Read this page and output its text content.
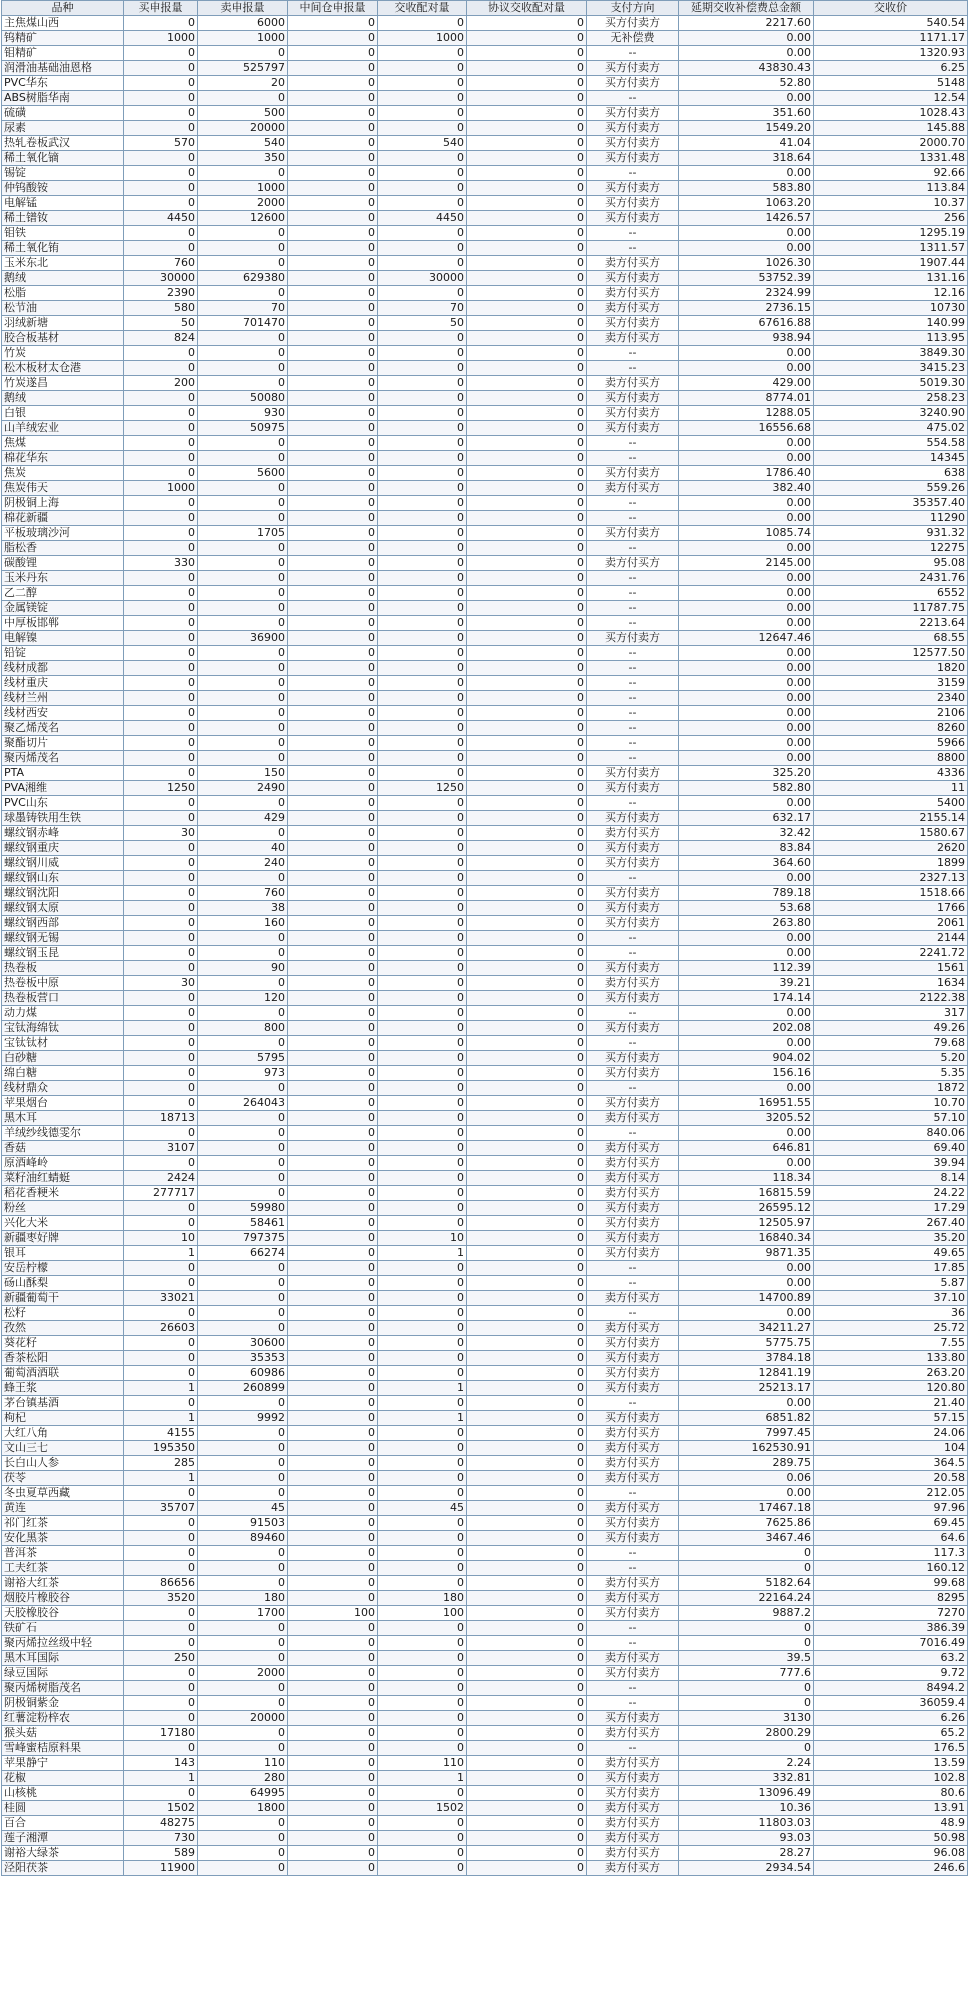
品种	买申报量	卖申报量	中间仓申报量	交收配对量	协议交收配对量	支付方向	延期交收补偿费总金额	交收价
主焦煤山西	0	6000	0	0	0	买方付卖方	2217.60	540.54
钨精矿	1000	1000	0	1000	0	无补偿费	0.00	1171.17
钼精矿	0	0	0	0	0	--	0.00	1320.93
润滑油基础油恩格	0	525797	0	0	0	买方付卖方	43830.43	6.25
PVC华东	0	20	0	0	0	买方付卖方	52.80	5148
ABS树脂华南	0	0	0	0	0	--	0.00	12.54
硫磺	0	500	0	0	0	买方付卖方	351.60	1028.43
尿素	0	20000	0	0	0	买方付卖方	1549.20	145.88
热轧卷板武汉	570	540	0	540	0	买方付卖方	41.04	2000.70
稀土氧化镝	0	350	0	0	0	买方付卖方	318.64	1331.48
锡锭	0	0	0	0	0	--	0.00	92.66
仲钨酸铵	0	1000	0	0	0	买方付卖方	583.80	113.84
电解锰	0	2000	0	0	0	买方付卖方	1063.20	10.37
稀土镨钕	4450	12600	0	4450	0	买方付卖方	1426.57	256
钼铁	0	0	0	0	0	--	0.00	1295.19
稀土氧化铕	0	0	0	0	0	--	0.00	1311.57
玉米东北	760	0	0	0	0	卖方付买方	1026.30	1907.44
鹅绒	30000	629380	0	30000	0	买方付卖方	53752.39	131.16
松脂	2390	0	0	0	0	卖方付买方	2324.99	12.16
松节油	580	70	0	70	0	卖方付买方	2736.15	10730
羽绒新塘	50	701470	0	50	0	买方付卖方	67616.88	140.99
胶合板基材	824	0	0	0	0	卖方付买方	938.94	113.95
竹炭	0	0	0	0	0	--	0.00	3849.30
松木板材太仓港	0	0	0	0	0	--	0.00	3415.23
竹炭遂昌	200	0	0	0	0	卖方付买方	429.00	5019.30
鹅绒	0	50080	0	0	0	买方付卖方	8774.01	258.23
白银	0	930	0	0	0	买方付卖方	1288.05	3240.90
山羊绒宏业	0	50975	0	0	0	买方付卖方	16556.68	475.02
焦煤	0	0	0	0	0	--	0.00	554.58
棉花华东	0	0	0	0	0	--	0.00	14345
焦炭	0	5600	0	0	0	买方付卖方	1786.40	638
焦炭伟天	1000	0	0	0	0	卖方付买方	382.40	559.26
阴极铜上海	0	0	0	0	0	--	0.00	35357.40
棉花新疆	0	0	0	0	0	--	0.00	11290
平板玻璃沙河	0	1705	0	0	0	买方付卖方	1085.74	931.32
脂松香	0	0	0	0	0	--	0.00	12275
碳酸锂	330	0	0	0	0	卖方付买方	2145.00	95.08
玉米丹东	0	0	0	0	0	--	0.00	2431.76
乙二醇	0	0	0	0	0	--	0.00	6552
金属镁锭	0	0	0	0	0	--	0.00	11787.75
中厚板邯郸	0	0	0	0	0	--	0.00	2213.64
电解镍	0	36900	0	0	0	买方付卖方	12647.46	68.55
铅锭	0	0	0	0	0	--	0.00	12577.50
线材成都	0	0	0	0	0	--	0.00	1820
线材重庆	0	0	0	0	0	--	0.00	3159
线材兰州	0	0	0	0	0	--	0.00	2340
线材西安	0	0	0	0	0	--	0.00	2106
聚乙烯茂名	0	0	0	0	0	--	0.00	8260
聚酯切片	0	0	0	0	0	--	0.00	5966
聚丙烯茂名	0	0	0	0	0	--	0.00	8800
PTA	0	150	0	0	0	买方付卖方	325.20	4336
PVA湘维	1250	2490	0	1250	0	买方付卖方	582.80	11
PVC山东	0	0	0	0	0	--	0.00	5400
球墨铸铁用生铁	0	429	0	0	0	买方付卖方	632.17	2155.14
螺纹钢赤峰	30	0	0	0	0	卖方付买方	32.42	1580.67
螺纹钢重庆	0	40	0	0	0	买方付卖方	83.84	2620
螺纹钢川威	0	240	0	0	0	买方付卖方	364.60	1899
螺纹钢山东	0	0	0	0	0	--	0.00	2327.13
螺纹钢沈阳	0	760	0	0	0	买方付卖方	789.18	1518.66
螺纹钢太原	0	38	0	0	0	买方付卖方	53.68	1766
螺纹钢西部	0	160	0	0	0	买方付卖方	263.80	2061
螺纹钢无锡	0	0	0	0	0	--	0.00	2144
螺纹钢玉昆	0	0	0	0	0	--	0.00	2241.72
热卷板	0	90	0	0	0	买方付卖方	112.39	1561
热卷板中原	30	0	0	0	0	卖方付买方	39.21	1634
热卷板营口	0	120	0	0	0	买方付卖方	174.14	2122.38
动力煤	0	0	0	0	0	--	0.00	317
宝钛海绵钛	0	800	0	0	0	买方付卖方	202.08	49.26
宝钛钛材	0	0	0	0	0	--	0.00	79.68
白砂糖	0	5795	0	0	0	买方付卖方	904.02	5.20
绵白糖	0	973	0	0	0	买方付卖方	156.16	5.35
线材鼎众	0	0	0	0	0	--	0.00	1872
苹果烟台	0	264043	0	0	0	买方付卖方	16951.55	10.70
黑木耳	18713	0	0	0	0	卖方付买方	3205.52	57.10
羊绒纱线德雯尔	0	0	0	0	0	--	0.00	840.06
香菇	3107	0	0	0	0	卖方付买方	646.81	69.40
原酒峰岭	0	0	0	0	0	卖方付买方	0.00	39.94
菜籽油红蜻蜓	2424	0	0	0	0	卖方付买方	118.34	8.14
稻花香粳米	277717	0	0	0	0	卖方付买方	16815.59	24.22
粉丝	0	59980	0	0	0	买方付卖方	26595.12	17.29
兴化大米	0	58461	0	0	0	买方付卖方	12505.97	267.40
新疆枣好牌	10	797375	0	10	0	买方付卖方	16840.34	35.20
银耳	1	66274	0	1	0	买方付卖方	9871.35	49.65
安岳柠檬	0	0	0	0	0	--	0.00	17.85
砀山酥梨	0	0	0	0	0	--	0.00	5.87
新疆葡萄干	33021	0	0	0	0	卖方付买方	14700.89	37.10
松籽	0	0	0	0	0	--	0.00	36
孜然	26603	0	0	0	0	卖方付买方	34211.27	25.72
葵花籽	0	30600	0	0	0	买方付卖方	5775.75	7.55
香茶松阳	0	35353	0	0	0	买方付卖方	3784.18	133.80
葡萄酒酒联	0	60986	0	0	0	买方付卖方	12841.19	263.20
蜂王浆	1	260899	0	1	0	买方付卖方	25213.17	120.80
茅台镇基酒	0	0	0	0	0	--	0.00	21.40
枸杞	1	9992	0	1	0	买方付卖方	6851.82	57.15
大红八角	4155	0	0	0	0	卖方付买方	7997.45	24.06
文山三七	195350	0	0	0	0	卖方付买方	162530.91	104
长白山人参	285	0	0	0	0	卖方付买方	289.75	364.5
茯苓	1	0	0	0	0	卖方付买方	0.06	20.58
冬虫夏草西藏	0	0	0	0	0	--	0.00	212.05
黄连	35707	45	0	45	0	卖方付买方	17467.18	97.96
祁门红茶	0	91503	0	0	0	买方付卖方	7625.86	69.45
安化黑茶	0	89460	0	0	0	买方付卖方	3467.46	64.6
普洱茶	0	0	0	0	0	--	0	117.3
工夫红茶	0	0	0	0	0	--	0	160.12
谢裕大红茶	86656	0	0	0	0	卖方付买方	5182.64	99.68
烟胶片橡胶谷	3520	180	0	180	0	卖方付买方	22164.24	8295
天胶橡胶谷	0	1700	100	100	0	买方付卖方	9887.2	7270
铁矿石	0	0	0	0	0	--	0	386.39
聚丙烯拉丝级中轻	0	0	0	0	0	--	0	7016.49
黑木耳国际	250	0	0	0	0	卖方付买方	39.5	63.2
绿豆国际	0	2000	0	0	0	买方付卖方	777.6	9.72
聚丙烯树脂茂名	0	0	0	0	0	--	0	8494.2
阴极铜紫金	0	0	0	0	0	--	0	36059.4
红薯淀粉梓农	0	20000	0	0	0	买方付卖方	3130	6.26
猴头菇	17180	0	0	0	0	卖方付买方	2800.29	65.2
雪峰蜜桔原料果	0	0	0	0	0	--	0	176.5
苹果静宁	143	110	0	110	0	卖方付买方	2.24	13.59
花椒	1	280	0	1	0	买方付卖方	332.81	102.8
山核桃	0	64995	0	0	0	买方付卖方	13096.49	80.6
桂圆	1502	1800	0	1502	0	卖方付买方	10.36	13.91
百合	48275	0	0	0	0	卖方付买方	11803.03	48.9
莲子湘潭	730	0	0	0	0	卖方付买方	93.03	50.98
谢裕大绿茶	589	0	0	0	0	卖方付买方	28.27	96.08
泾阳茯茶	11900	0	0	0	0	卖方付买方	2934.54	246.6
